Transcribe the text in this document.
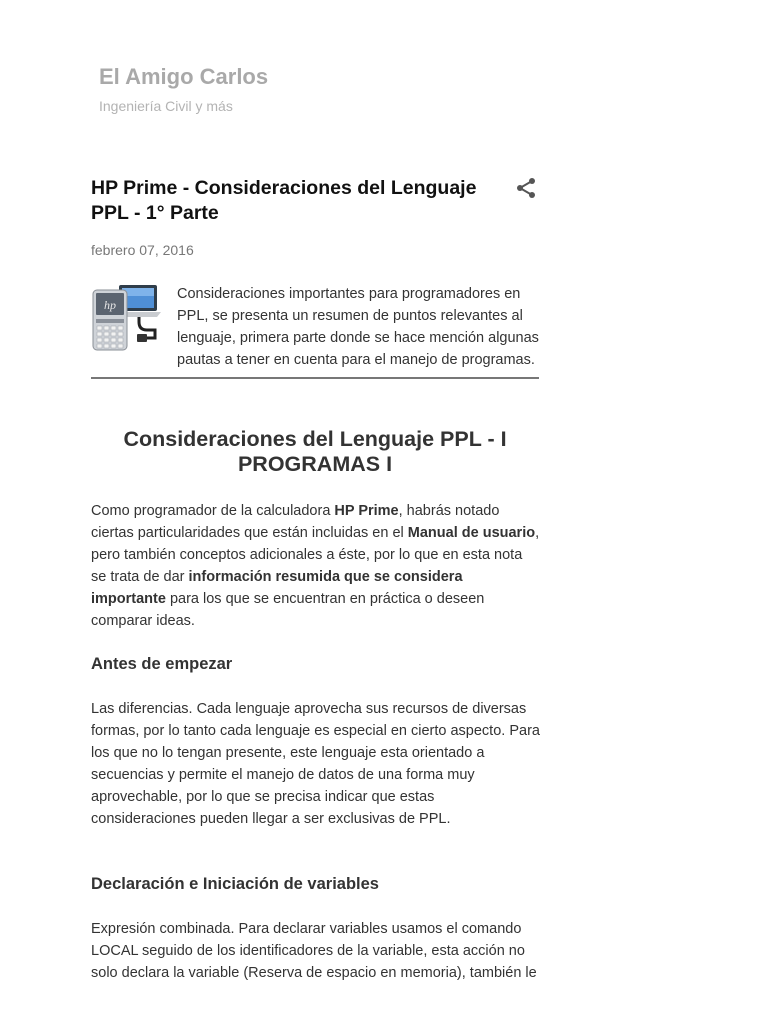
El Amigo Carlos
Ingeniería Civil y más
HP Prime - Consideraciones del Lenguaje PPL - 1° Parte
febrero 07, 2016
hp

Consideraciones importantes para programadores en PPL, se presenta un resumen de puntos relevantes al lenguaje, primera parte donde se hace mención algunas pautas a tener en cuenta para el manejo de programas.

Consideraciones del Lenguaje PPL - I PROGRAMAS I

Como programador de la calculadora HP Prime, habrás notado ciertas particularidades que están incluidas en el Manual de usuario, pero también conceptos adicionales a éste, por lo que en esta nota se trata de dar información resumida que se considera importante para los que se encuentran en práctica o deseen comparar ideas.

Antes de empezar

Las diferencias. Cada lenguaje aprovecha sus recursos de diversas formas, por lo tanto cada lenguaje es especial en cierto aspecto. Para los que no lo tengan presente, este lenguaje esta orientado a secuencias y permite el manejo de datos de una forma muy aprovechable, por lo que se precisa indicar que estas consideraciones pueden llegar a ser exclusivas de PPL.

Declaración e Iniciación de variables

Expresión combinada. Para declarar variables usamos el comando LOCAL seguido de los identificadores de la variable, esta acción no solo declara la variable (Reserva de espacio en memoria), también le
